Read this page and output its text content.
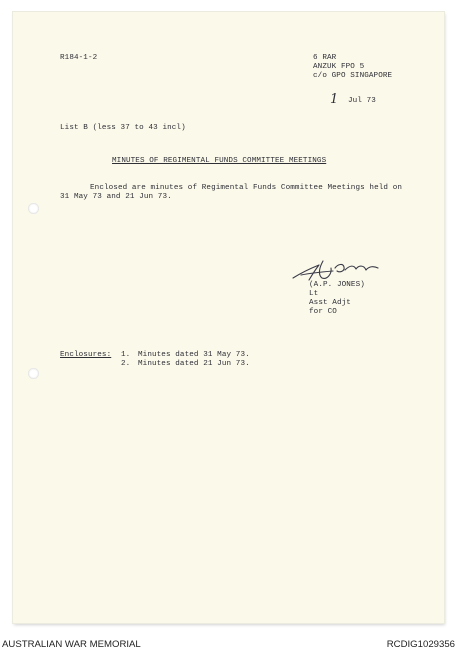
R184-1-2	6 RAR
ANZUK FPO 5
c/o GPO SINGAPORE
1 Jul 73
List B (less 37 to 43 incl)
MINUTES OF REGIMENTAL FUNDS COMMITTEE MEETINGS
Enclosed are minutes of Regimental Funds Committee Meetings held on
31 May 73 and 21 Jun 73.
(A.P. JONES)
Lt
Asst Adjt
for CO
Enclosures: 1. Minutes dated 31 May 73.
2. Minutes dated 21 Jun 73.
AUSTRALIAN WAR MEMORIAL	RCDIG1029356
